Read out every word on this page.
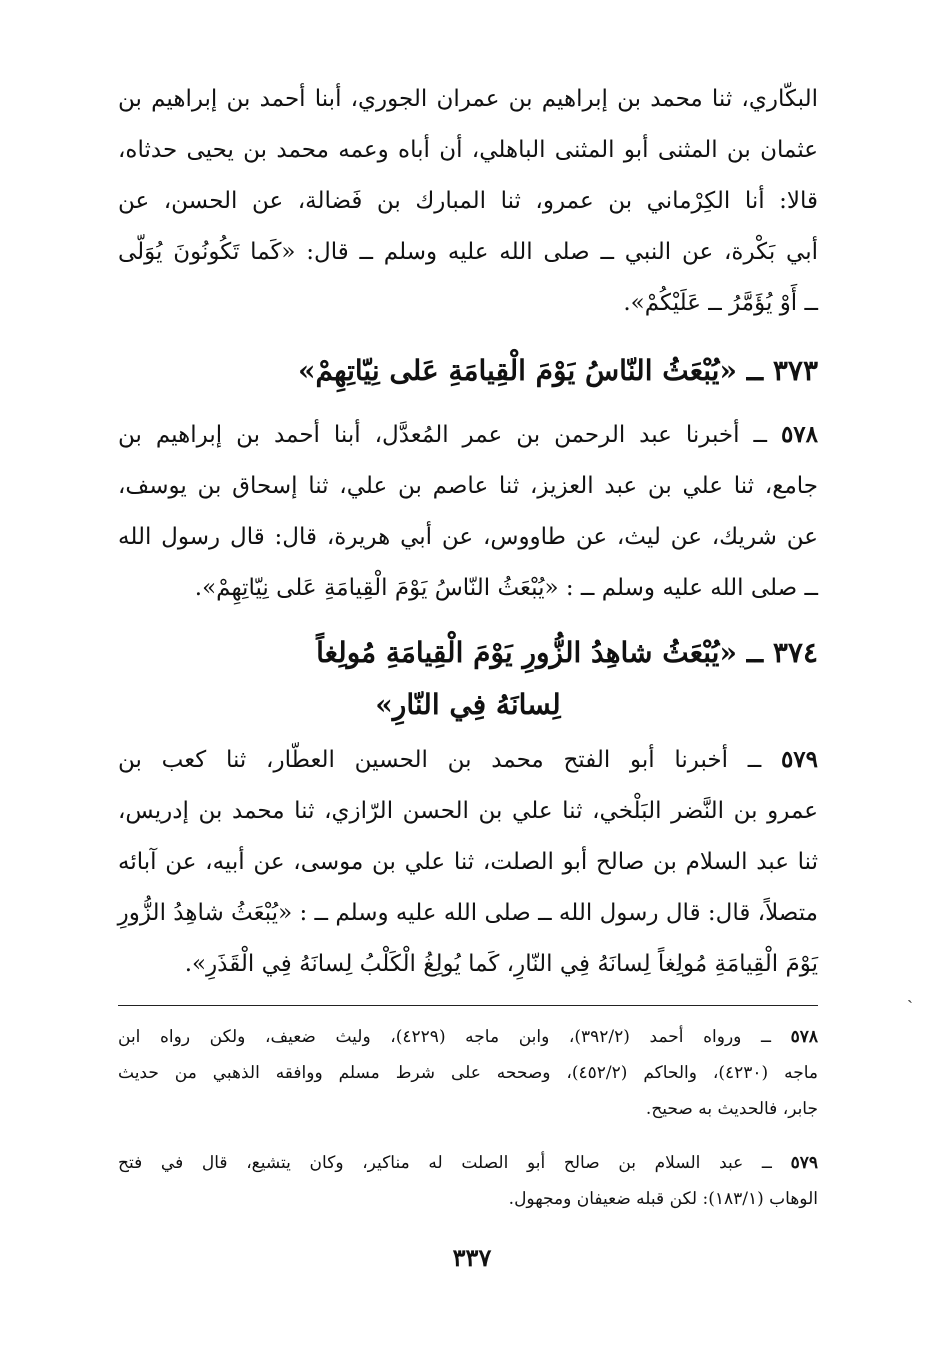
البكّاري، ثنا محمد بن إبراهيم بن عمران الجوري، أبنا أحمد بن إبراهيم بن
عثمان بن المثنى أبو المثنى الباهلي، أن أباه وعمه محمد بن يحيى حدثاه،
قالا: أنا الكِرْماني بن عمرو، ثنا المبارك بن فَضالة، عن الحسن، عن
أبي بَكْرة، عن النبي ــ صلى الله عليه وسلم ــ قال: «كَما تَكُونُونَ يُوَلّى
ــ أَوْ يُؤَمَّرُ ــ عَلَيْكُمْ».
٣٧٣ ــ «يُبْعَثُ النّاسُ يَوْمَ الْقِيامَةِ عَلى نِيّاتِهِمْ»
٥٧٨ ــ أخبرنا عبد الرحمن بن عمر المُعدَّل، أبنا أحمد بن إبراهيم بن
جامع، ثنا علي بن عبد العزيز، ثنا عاصم بن علي، ثنا إسحاق بن يوسف،
عن شريك، عن ليث، عن طاووس، عن أبي هريرة، قال: قال رسول الله
ــ صلى الله عليه وسلم ــ : «يُبْعَثُ النّاسُ يَوْمَ الْقِيامَةِ عَلى نِيّاتِهِمْ».
٣٧٤ ــ «يُبْعَثُ شاهِدُ الزُّورِ يَوْمَ الْقِيامَةِ مُولِغاً
لِسانَهُ فِي النّارِ»
٥٧٩ ــ أخبرنا أبو الفتح محمد بن الحسين العطّار، ثنا كعب بن
عمرو بن النَّضر البَلْخي، ثنا علي بن الحسن الرّازي، ثنا محمد بن إدريس،
ثنا عبد السلام بن صالح أبو الصلت، ثنا علي بن موسى، عن أبيه، عن آبائه
متصلاً، قال: قال رسول الله ــ صلى الله عليه وسلم ــ : «يُبْعَثُ شاهِدُ الزُّورِ
يَوْمَ الْقِيامَةِ مُولِغاً لِسانَهُ فِي النّارِ، كَما يُولِغُ الْكَلْبُ لِسانَهُ فِي الْقَذَرِ».
ˎ
٥٧٨ ــ ورواه أحمد (٣٩٢/٢)، وابن ماجه (٤٢٢٩)، وليث ضعيف، ولكن رواه ابن
ماجه (٤٢٣٠)، والحاكم (٤٥٢/٢)، وصححه على شرط مسلم ووافقه الذهبي من حديث
جابر، فالحديث به صحيح.
٥٧٩ ــ عبد السلام بن صالح أبو الصلت له مناكير، وكان يتشيع، قال في فتح
الوهاب (١٨٣/١): لكن قبله ضعيفان ومجهول.
٣٣٧
